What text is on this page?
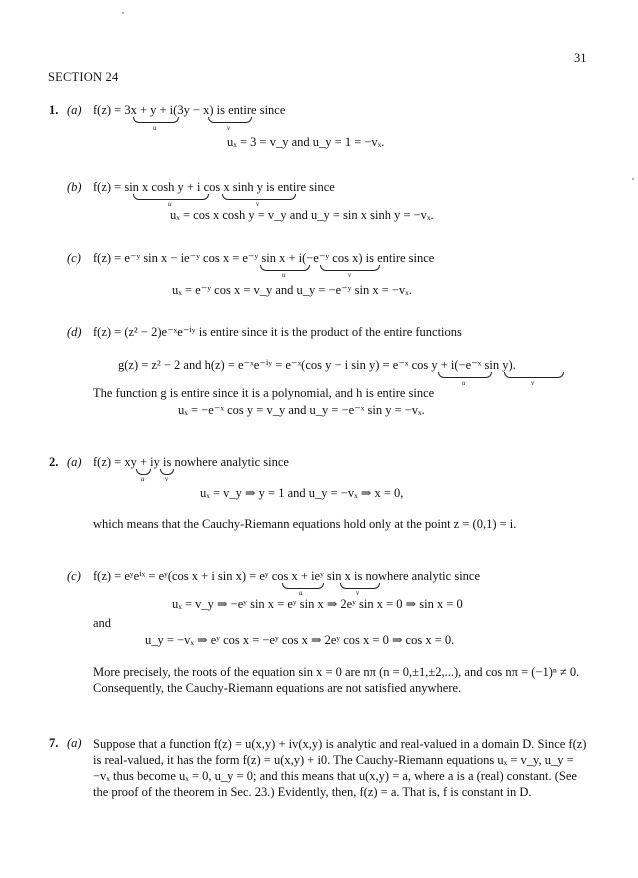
31
SECTION 24
1. (a) f(z) = 3x + y + i(3y − x) is entire since
u	v
uₓ = 3 = v_y and u_y = 1 = −vₓ.
(b) f(z) = sin x cosh y + i cos x sinh y is entire since
u	v
uₓ = cos x cosh y = v_y and u_y = sin x sinh y = −vₓ.
(c) f(z) = e⁻ʸ sin x − ie⁻ʸ cos x = e⁻ʸ sin x + i(−e⁻ʸ cos x) is entire since
u	v
uₓ = e⁻ʸ cos x = v_y and u_y = −e⁻ʸ sin x = −vₓ.
(d) f(z) = (z² − 2)e⁻ˣe⁻ⁱʸ is entire since it is the product of the entire functions
g(z) = z² − 2 and h(z) = e⁻ˣe⁻ⁱʸ = e⁻ˣ(cos y − i sin y) = e⁻ˣ cos y + i(−e⁻ˣ sin y).
u	v
The function g is entire since it is a polynomial, and h is entire since
uₓ = −e⁻ˣ cos y = v_y and u_y = −e⁻ˣ sin y = −vₓ.
2. (a) f(z) = xy + iy is nowhere analytic since
u	v
uₓ = v_y ⇒ y = 1 and u_y = −vₓ ⇒ x = 0,
which means that the Cauchy-Riemann equations hold only at the point z = (0,1) = i.
(c) f(z) = eʸeⁱˣ = eʸ(cos x + i sin x) = eʸ cos x + ieʸ sin x is nowhere analytic since
u	v
uₓ = v_y ⇒ −eʸ sin x = eʸ sin x ⇒ 2eʸ sin x = 0 ⇒ sin x = 0
and
u_y = −vₓ ⇒ eʸ cos x = −eʸ cos x ⇒ 2eʸ cos x = 0 ⇒ cos x = 0.
More precisely, the roots of the equation sin x = 0 are nπ (n = 0,±1,±2,...), and cos nπ = (−1)ⁿ ≠ 0. Consequently, the Cauchy-Riemann equations are not satisfied anywhere.
7. (a) Suppose that a function f(z) = u(x,y) + iv(x,y) is analytic and real-valued in a domain D. Since f(z) is real-valued, it has the form f(z) = u(x,y) + i0. The Cauchy-Riemann equations uₓ = v_y, u_y = −vₓ thus become uₓ = 0, u_y = 0; and this means that u(x,y) = a, where a is a (real) constant. (See the proof of the theorem in Sec. 23.) Evidently, then, f(z) = a. That is, f is constant in D.
